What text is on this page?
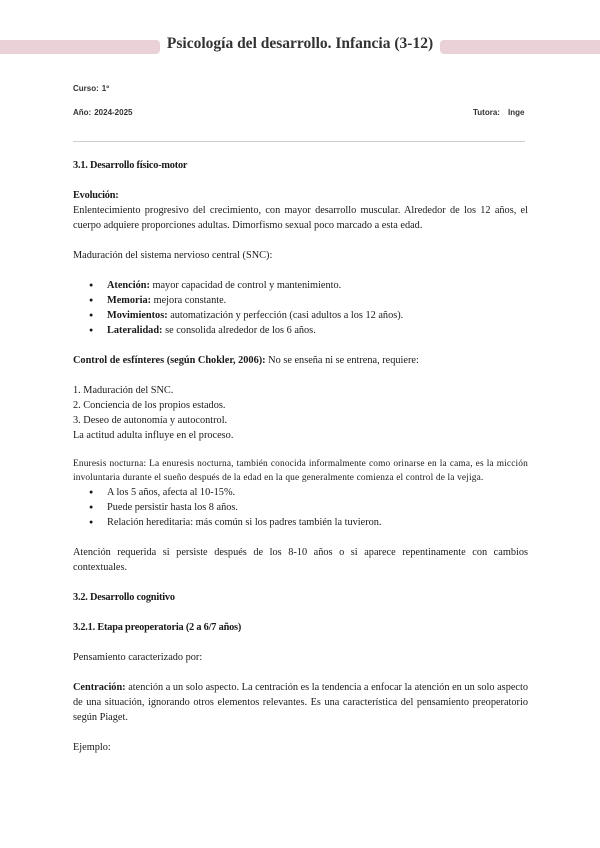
Psicología del desarrollo. Infancia (3-12)
Curso: 1º
Año: 2024-2025	Tutora: Inge

3.1. Desarrollo físico-motor

Evolución:

Enlentecimiento progresivo del crecimiento, con mayor desarrollo muscular. Alrededor de los 12 años, el cuerpo adquiere proporciones adultas. Dimorfismo sexual poco marcado a esta edad.

Maduración del sistema nervioso central (SNC):

● Atención: mayor capacidad de control y mantenimiento.
● Memoria: mejora constante.
● Movimientos: automatización y perfección (casi adultos a los 12 años).
● Lateralidad: se consolida alrededor de los 6 años.

Control de esfínteres (según Chokler, 2006): No se enseña ni se entrena, requiere:

1. Maduración del SNC.

2. Conciencia de los propios estados.

3. Deseo de autonomía y autocontrol.

La actitud adulta influye en el proceso.

Enuresis nocturna: La enuresis nocturna, también conocida informalmente como orinarse en la cama, es la micción involuntaria durante el sueño después de la edad en la que generalmente comienza el control de la vejiga.

● A los 5 años, afecta al 10-15%.
● Puede persistir hasta los 8 años.
● Relación hereditaria: más común si los padres también la tuvieron.

Atención requerida si persiste después de los 8-10 años o si aparece repentinamente con cambios contextuales.

3.2. Desarrollo cognitivo

3.2.1. Etapa preoperatoria (2 a 6/7 años)

Pensamiento caracterizado por:

Centración: atención a un solo aspecto. La centración es la tendencia a enfocar la atención en un solo aspecto de una situación, ignorando otros elementos relevantes. Es una característica del pensamiento preoperatorio según Piaget.

Ejemplo:
